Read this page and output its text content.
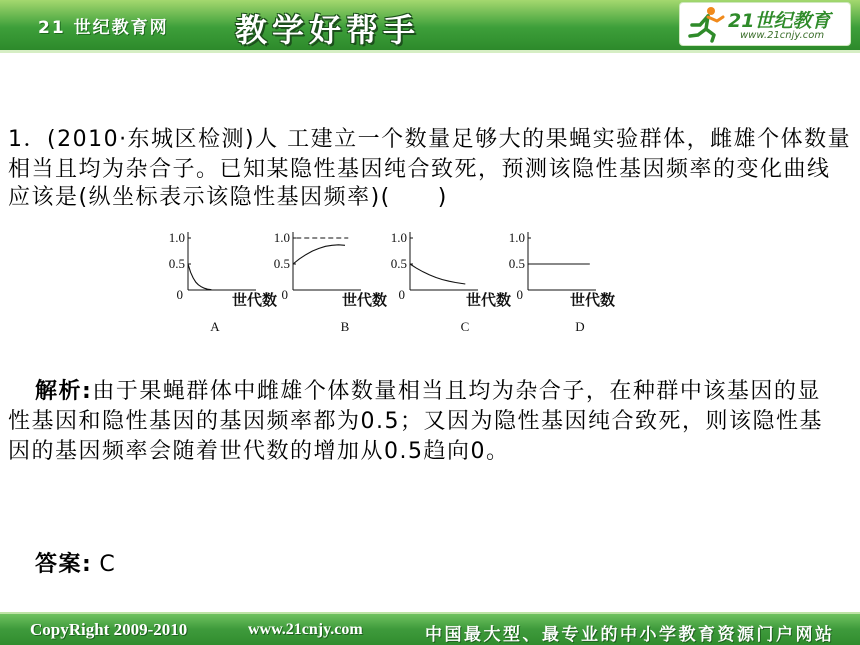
21 世纪教育网 教学好帮手	21世纪教育
www.21cnjy.com
1．(2010·东城区检测)人 工建立一个数量足够大的果蝇实验群体，雌雄个体数量
相当且均为杂合子。已知某隐性基因纯合致死，预测该隐性基因频率的变化曲线
应该是(纵坐标表示该隐性基因频率)(　　)
1.0
0.5
0	世代数
A
1.0
0.5
0	世代数
B
1.0
0.5
0	世代数
C
1.0
0.5
0	世代数
D
解析:由于果蝇群体中雌雄个体数量相当且均为杂合子，在种群中该基因的显
性基因和隐性基因的基因频率都为0.5；又因为隐性基因纯合致死，则该隐性基
因的基因频率会随着世代数的增加从0.5趋向0。
答案: C
CopyRight 2009-2010	www.21cnjy.com	中国最大型、最专业的中小学教育资源门户网站
